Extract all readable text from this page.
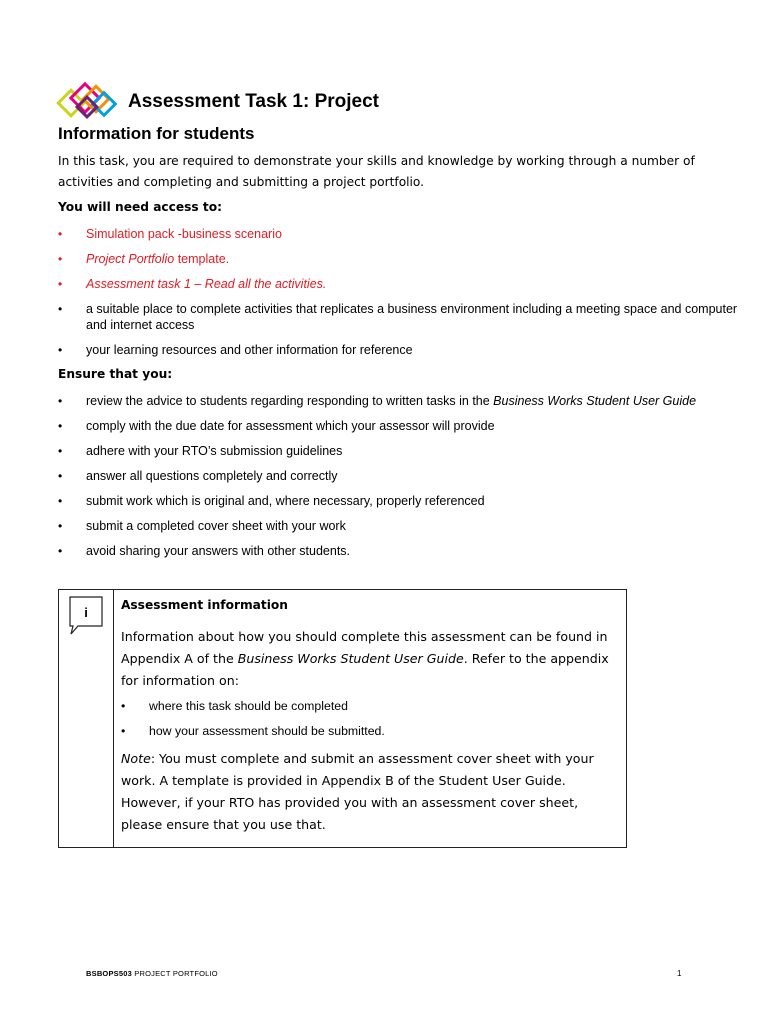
Assessment Task 1: Project
Information for students

In this task, you are required to demonstrate your skills and knowledge by working through a number of activities and completing and submitting a project portfolio.

You will need access to:
• Simulation pack -business scenario
• Project Portfolio template.
• Assessment task 1 – Read all the activities.
• a suitable place to complete activities that replicates a business environment including a meeting space and computer and internet access
• your learning resources and other information for reference
Ensure that you:
• review the advice to students regarding responding to written tasks in the Business Works Student User Guide
• comply with the due date for assessment which your assessor will provide
• adhere with your RTO’s submission guidelines
• answer all questions completely and correctly
• submit work which is original and, where necessary, properly referenced
• submit a completed cover sheet with your work
• avoid sharing your answers with other students.
i	Assessment information

Information about how you should complete this assessment can be found in Appendix A of the Business Works Student User Guide. Refer to the appendix for information on:

• where this task should be completed
• how your assessment should be submitted.

Note: You must complete and submit an assessment cover sheet with your work. A template is provided in Appendix B of the Student User Guide. However, if your RTO has provided you with an assessment cover sheet, please ensure that you use that.

BSBOPS503 PROJECT PORTFOLIO	1
